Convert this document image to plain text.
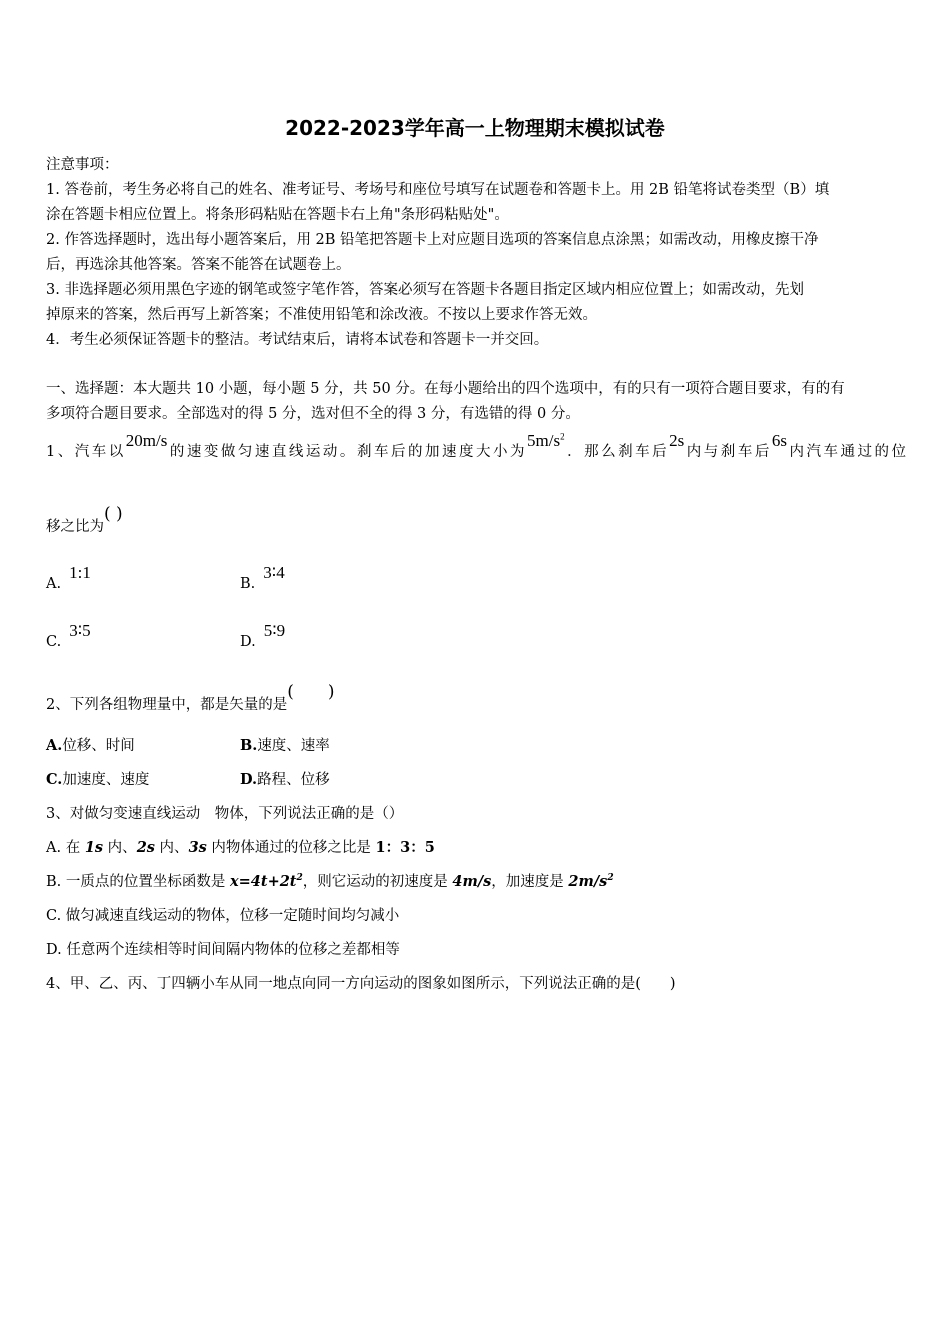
2022-2023学年高一上物理期末模拟试卷
注意事项：
1. 答卷前，考生务必将自己的姓名、准考证号、考场号和座位号填写在试题卷和答题卡上。用 2B 铅笔将试卷类型（B）填
涂在答题卡相应位置上。将条形码粘贴在答题卡右上角"条形码粘贴处"。
2. 作答选择题时，选出每小题答案后，用 2B 铅笔把答题卡上对应题目选项的答案信息点涂黑；如需改动，用橡皮擦干净
后，再选涂其他答案。答案不能答在试题卷上。
3. 非选择题必须用黑色字迹的钢笔或签字笔作答，答案必须写在答题卡各题目指定区域内相应位置上；如需改动，先划
掉原来的答案，然后再写上新答案；不准使用铅笔和涂改液。不按以上要求作答无效。
4．考生必须保证答题卡的整洁。考试结束后，请将本试卷和答题卡一并交回。
一、选择题：本大题共 10 小题，每小题 5 分，共 50 分。在每小题给出的四个选项中，有的只有一项符合题目要求，有的有
多项符合题目要求。全部选对的得 5 分，选对但不全的得 3 分，有选错的得 0 分。
1、汽车以20m/s的速变做匀速直线运动。刹车后的加速度大小为$5m/s^2$．那么刹车后2s内与刹车后6s内汽车通过的位
移之比为( )
A.1:1
B.3∶4
C.3∶5
D.5∶9
2、下列各组物理量中，都是矢量的是(　　)
A.位移、时间	B.速度、速率
C.加速度、速度	D.路程、位移
3、对做匀变速直线运动　物体，下列说法正确的是（）
A. 在 1s 内、2s 内、3s 内物体通过的位移之比是 1：3：5
B. 一质点的位置坐标函数是 $x=4t+2t^2$，则它运动的初速度是 4m/s，加速度是 $2m/s^2$
C. 做匀减速直线运动的物体，位移一定随时间均匀减小
D. 任意两个连续相等时间间隔内物体的位移之差都相等
4、甲、乙、丙、丁四辆小车从同一地点向同一方向运动的图象如图所示，下列说法正确的是(　　)
